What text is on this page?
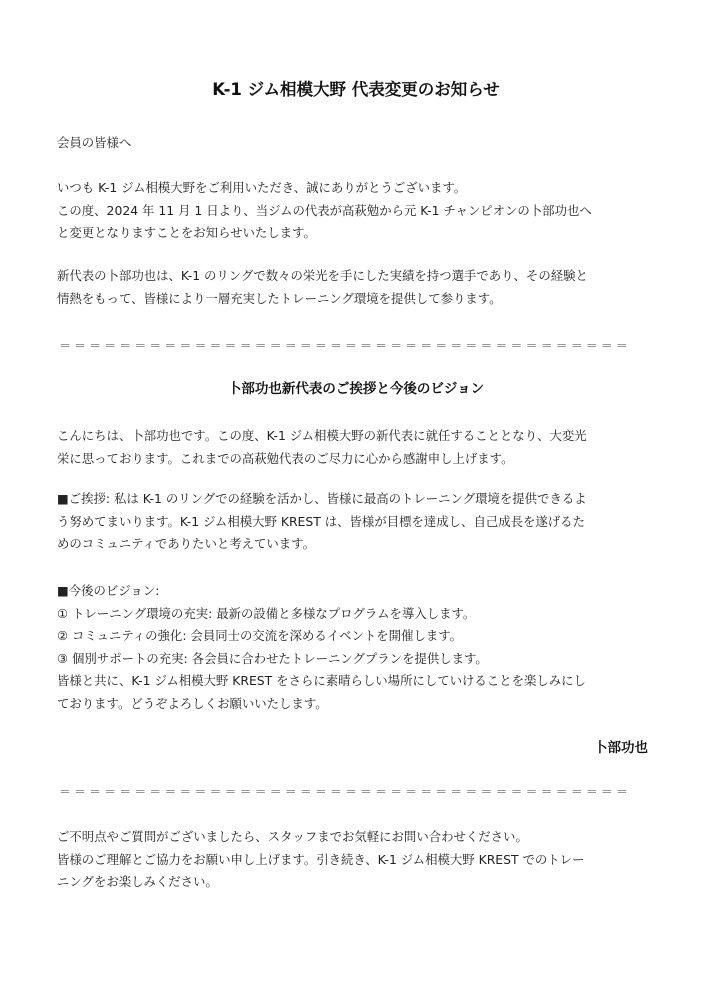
K-1 ジム相模大野 代表変更のお知らせ
会員の皆様へ
いつも K-1 ジム相模大野をご利用いただき、誠にありがとうございます。
この度、2024 年 11 月 1 日より、当ジムの代表が高萩勉から元 K-1 チャンピオンの卜部功也へ
と変更となりますことをお知らせいたします。
新代表の卜部功也は、K-1 のリングで数々の栄光を手にした実績を持つ選手であり、その経験と
情熱をもって、皆様により一層充実したトレーニング環境を提供して参ります。
＝＝＝＝＝＝＝＝＝＝＝＝＝＝＝＝＝＝＝＝＝＝＝＝＝＝＝＝＝＝＝＝＝＝＝＝＝＝
卜部功也新代表のご挨拶と今後のビジョン
こんにちは、卜部功也です。この度、K-1 ジム相模大野の新代表に就任することとなり、大変光
栄に思っております。これまでの高萩勉代表のご尽力に心から感謝申し上げます。
■ご挨拶: 私は K-1 のリングでの経験を活かし、皆様に最高のトレーニング環境を提供できるよ
う努めてまいります。K-1 ジム相模大野 KREST は、皆様が目標を達成し、自己成長を遂げるた
めのコミュニティでありたいと考えています。
■今後のビジョン:
① トレーニング環境の充実: 最新の設備と多様なプログラムを導入します。
② コミュニティの強化: 会員同士の交流を深めるイベントを開催します。
③ 個別サポートの充実: 各会員に合わせたトレーニングプランを提供します。
皆様と共に、K-1 ジム相模大野 KREST をさらに素晴らしい場所にしていけることを楽しみにし
ております。どうぞよろしくお願いいたします。
卜部功也
＝＝＝＝＝＝＝＝＝＝＝＝＝＝＝＝＝＝＝＝＝＝＝＝＝＝＝＝＝＝＝＝＝＝＝＝＝＝
ご不明点やご質問がございましたら、スタッフまでお気軽にお問い合わせください。
皆様のご理解とご協力をお願い申し上げます。引き続き、K-1 ジム相模大野 KREST でのトレー
ニングをお楽しみください。
